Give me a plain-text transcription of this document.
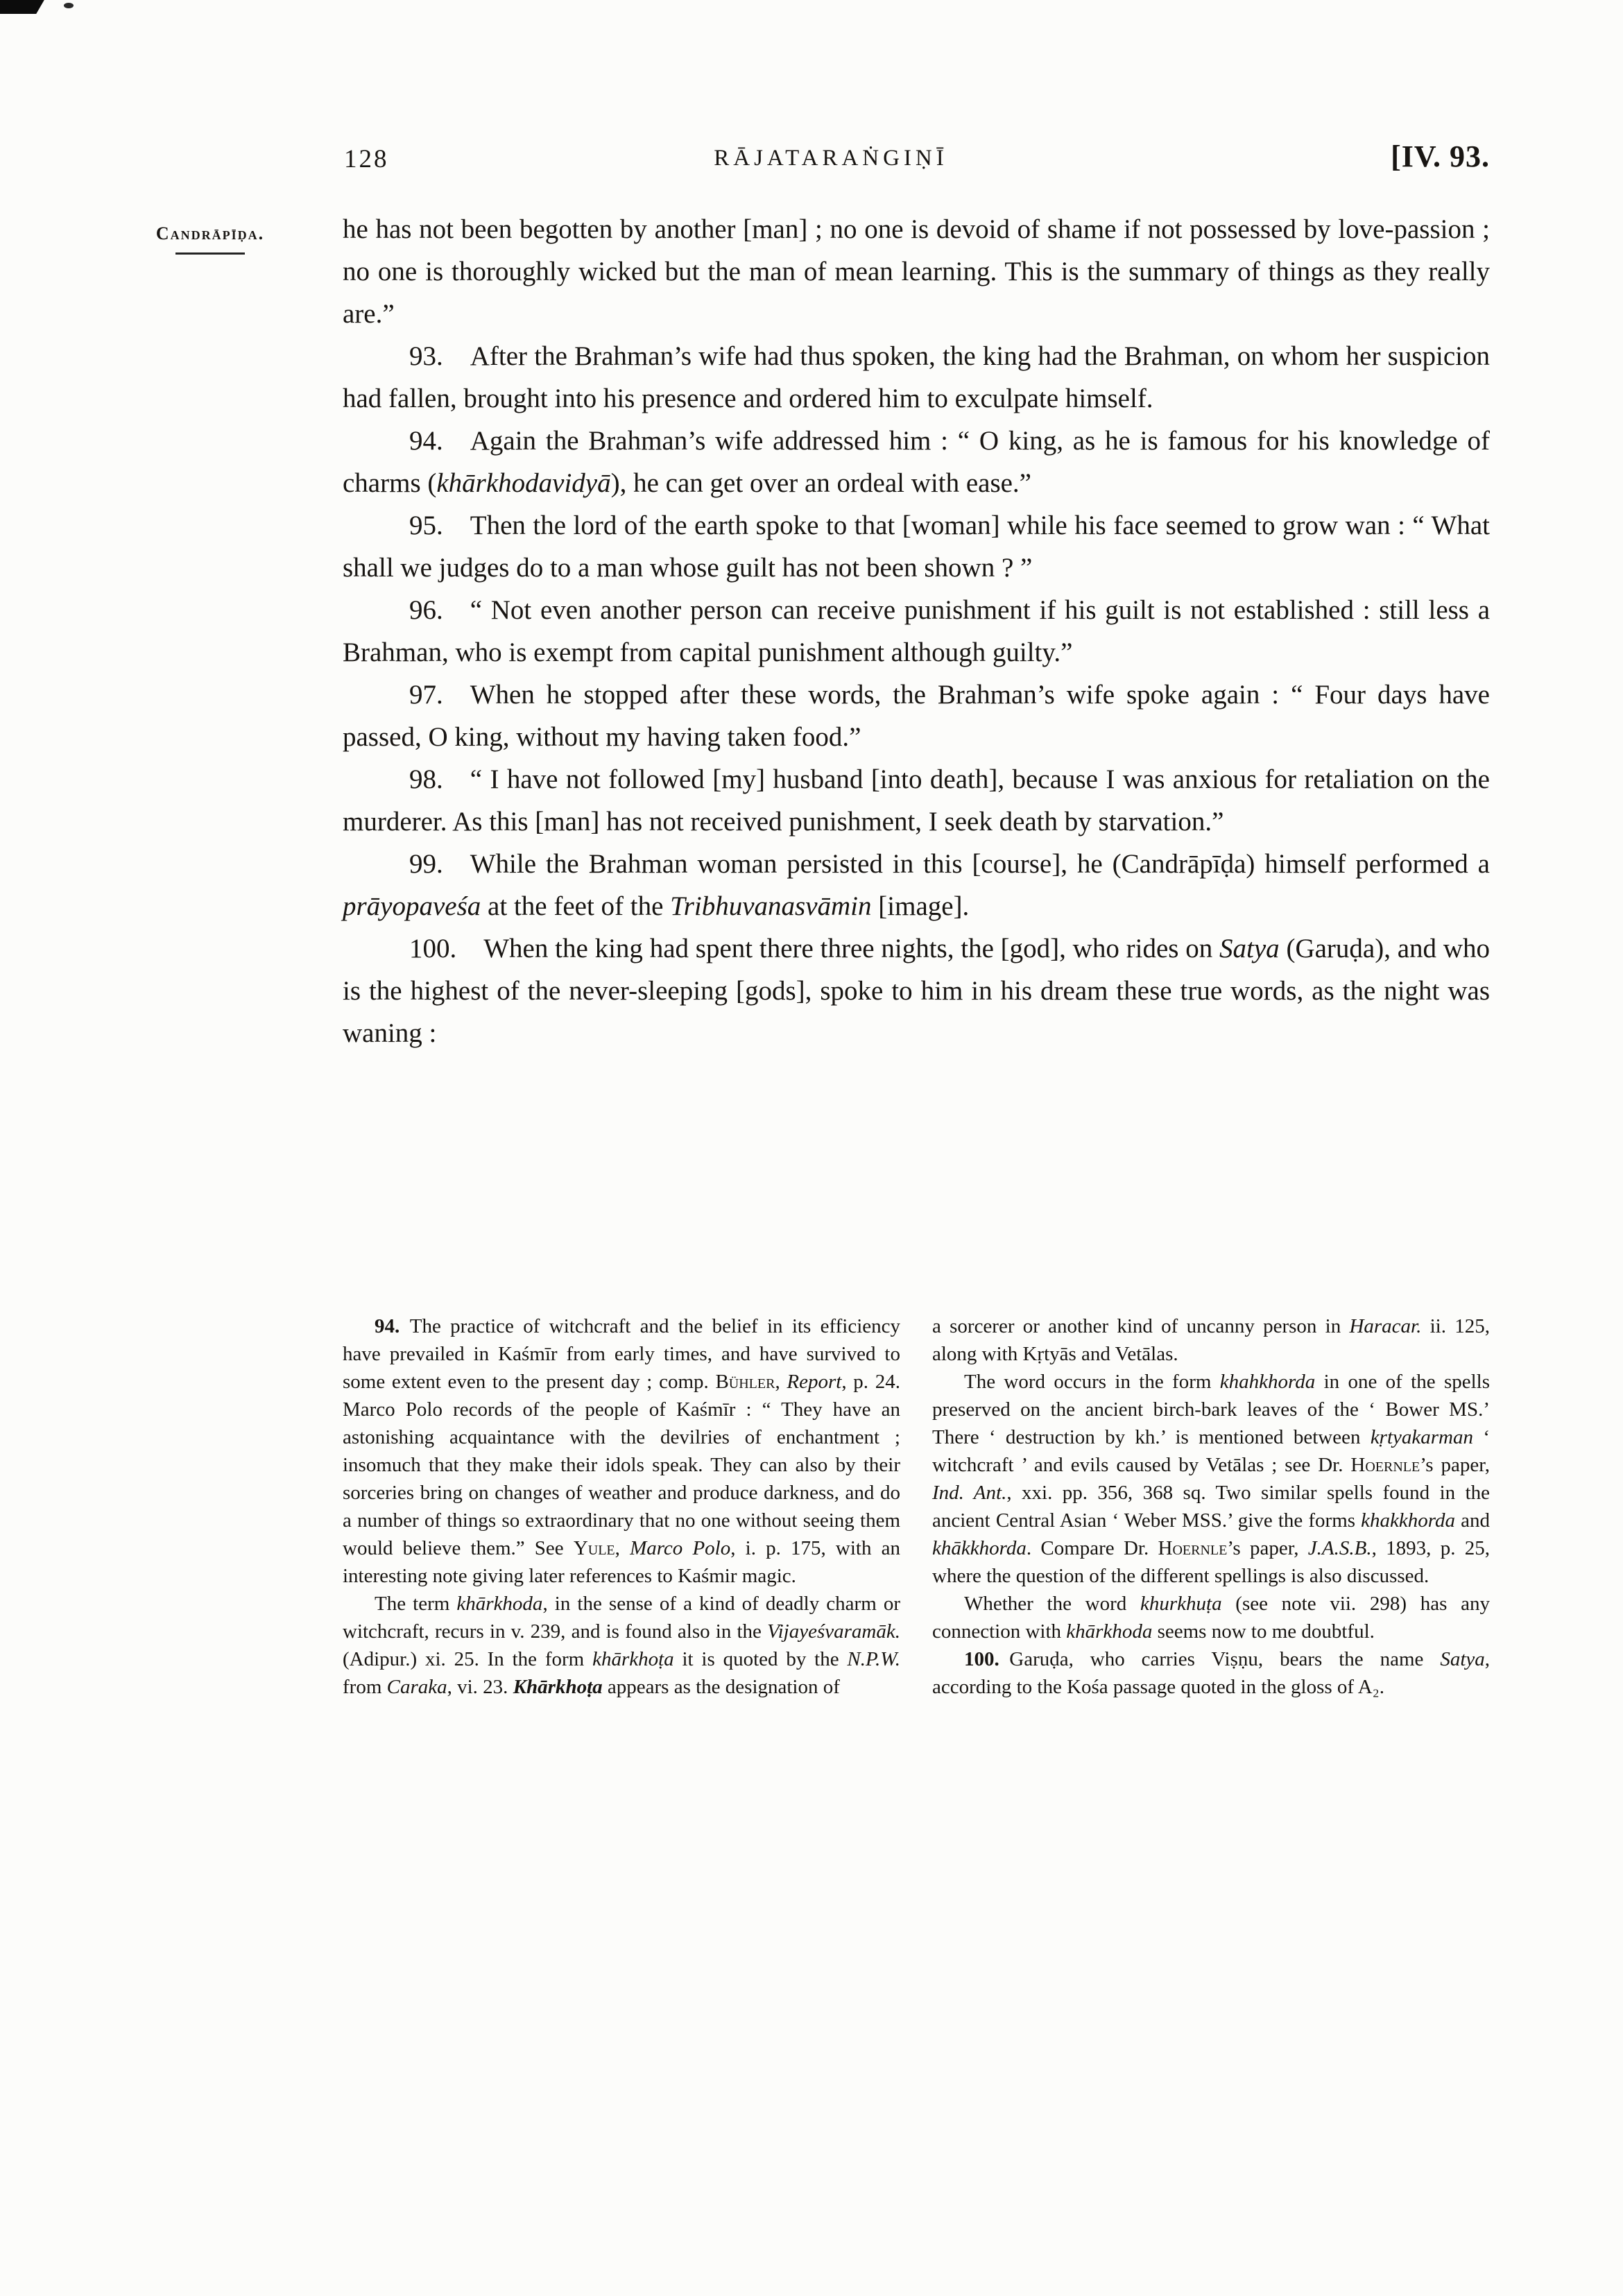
128	RĀJATARAṄGIṆĪ	[IV. 93.
Candrāpīḍa.	he has not been begotten by another [man] ; no one is devoid of shame if not possessed by love-passion ; no one is thoroughly wicked but the man of mean learning. This is the summary of things as they really are.”

93. After the Brahman’s wife had thus spoken, the king had the Brahman, on whom her suspicion had fallen, brought into his presence and ordered him to exculpate himself.

94. Again the Brahman’s wife addressed him : “ O king, as he is famous for his knowledge of charms (khārkhodavidyā), he can get over an ordeal with ease.”

95. Then the lord of the earth spoke to that [woman] while his face seemed to grow wan : “ What shall we judges do to a man whose guilt has not been shown ? ”

96. “ Not even another person can receive punishment if his guilt is not established : still less a Brahman, who is exempt from capital punishment although guilty.”

97. When he stopped after these words, the Brahman’s wife spoke again : “ Four days have passed, O king, without my having taken food.”

98. “ I have not followed [my] husband [into death], because I was anxious for retaliation on the murderer. As this [man] has not received punishment, I seek death by starvation.”

99. While the Brahman woman persisted in this [course], he (Candrāpīḍa) himself performed a prāyopaveśa at the feet of the Tribhuvanasvāmin [image].

100. When the king had spent there three nights, the [god], who rides on Satya (Garuḍa), and who is the highest of the never-sleeping [gods], spoke to him in his dream these true words, as the night was waning :

94. The practice of witchcraft and the belief in its efficiency have prevailed in Kaśmīr from early times, and have survived to some extent even to the present day ; comp. Bühler, Report, p. 24. Marco Polo records of the people of Kaśmīr : “ They have an astonishing acquaintance with the devilries of enchantment ; insomuch that they make their idols speak. They can also by their sorceries bring on changes of weather and produce darkness, and do a number of things so extraordinary that no one without seeing them would believe them.” See Yule, Marco Polo, i. p. 175, with an interesting note giving later references to Kaśmir magic.

The term khārkhoda, in the sense of a kind of deadly charm or witchcraft, recurs in v. 239, and is found also in the Vijayeśvaramāk. (Adipur.) xi. 25. In the form khārkhoṭa it is quoted by the N.P.W. from Caraka, vi. 23. Khārkhoṭa appears as the designation of

a sorcerer or another kind of uncanny person in Haracar. ii. 125, along with Kṛtyās and Vetālas.

The word occurs in the form khahkhorda in one of the spells preserved on the ancient birch-bark leaves of the ‘ Bower MS.’ There ‘ destruction by kh.’ is mentioned between kṛtyakarman ‘ witchcraft ’ and evils caused by Vetālas ; see Dr. Hoernle’s paper, Ind. Ant., xxi. pp. 356, 368 sq. Two similar spells found in the ancient Central Asian ‘ Weber MSS.’ give the forms khakkhorda and khākkhorda. Compare Dr. Hoernle’s paper, J.A.S.B., 1893, p. 25, where the question of the different spellings is also discussed.

Whether the word khurkhuṭa (see note vii. 298) has any connection with khārkhoda seems now to me doubtful.

100. Garuḍa, who carries Viṣṇu, bears the name Satya, according to the Kośa passage quoted in the gloss of A₂.
